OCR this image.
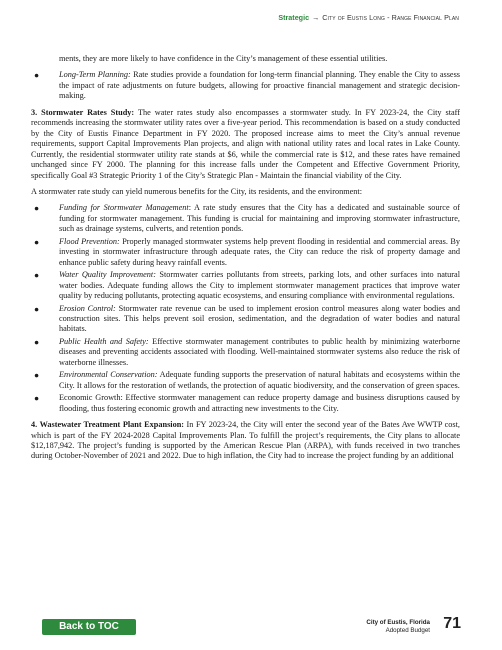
Strategic → City of Eustis Long - Range Financial Plan

ments, they are more likely to have confidence in the City’s management of these essential utilities.

● Long-Term Planning: Rate studies provide a foundation for long-term financial planning. They enable the City to assess the impact of rate adjustments on future budgets, allowing for proactive financial management and strategic decision-making.

3. Stormwater Rates Study: The water rates study also encompasses a stormwater study. In FY 2023-24, the City staff recommends increasing the stormwater utility rates over a five-year period. This recommendation is based on a study conducted by the City of Eustis Finance Department in FY 2020. The proposed increase aims to meet the City’s annual revenue requirements, support Capital Improvements Plan projects, and align with national utility rates and local rates in Lake County. Currently, the residential stormwater utility rate stands at $6, while the commercial rate is $12, and these rates have remained unchanged since FY 2000. The planning for this increase falls under the Competent and Effective Government Priority, specifically Goal #3 Strategic Priority 1 of the City’s Strategic Plan - Maintain the financial viability of the City.

A stormwater rate study can yield numerous benefits for the City, its residents, and the environment:

● Funding for Stormwater Management: A rate study ensures that the City has a dedicated and sustainable source of funding for stormwater management. This funding is crucial for maintaining and improving stormwater infrastructure, such as drainage systems, culverts, and retention ponds.
● Flood Prevention: Properly managed stormwater systems help prevent flooding in residential and commercial areas. By investing in stormwater infrastructure through adequate rates, the City can reduce the risk of property damage and enhance public safety during heavy rainfall events.
● Water Quality Improvement: Stormwater carries pollutants from streets, parking lots, and other surfaces into natural water bodies. Adequate funding allows the City to implement stormwater management practices that improve water quality by reducing pollutants, protecting aquatic ecosystems, and ensuring compliance with environmental regulations.
● Erosion Control: Stormwater rate revenue can be used to implement erosion control measures along water bodies and construction sites. This helps prevent soil erosion, sedimentation, and the degradation of water bodies and natural habitats.
● Public Health and Safety: Effective stormwater management contributes to public health by minimizing waterborne diseases and preventing accidents associated with flooding. Well-maintained stormwater systems also reduce the risk of waterborne illnesses.
● Environmental Conservation: Adequate funding supports the preservation of natural habitats and ecosystems within the City. It allows for the restoration of wetlands, the protection of aquatic biodiversity, and the conservation of green spaces.
● Economic Growth: Effective stormwater management can reduce property damage and business disruptions caused by flooding, thus fostering economic growth and attracting new investments to the City.

4. Wastewater Treatment Plant Expansion: In FY 2023-24, the City will enter the second year of the Bates Ave WWTP cost, which is part of the FY 2024-2028 Capital Improvements Plan. To fulfill the project’s requirements, the City plans to allocate $12,187,942. The project’s funding is supported by the American Rescue Plan (ARPA), with funds received in two tranches during October-November of 2021 and 2022. Due to high inflation, the City had to increase the project funding by an additional

Back to TOC	City of Eustis, Florida
Adopted Budget 71
